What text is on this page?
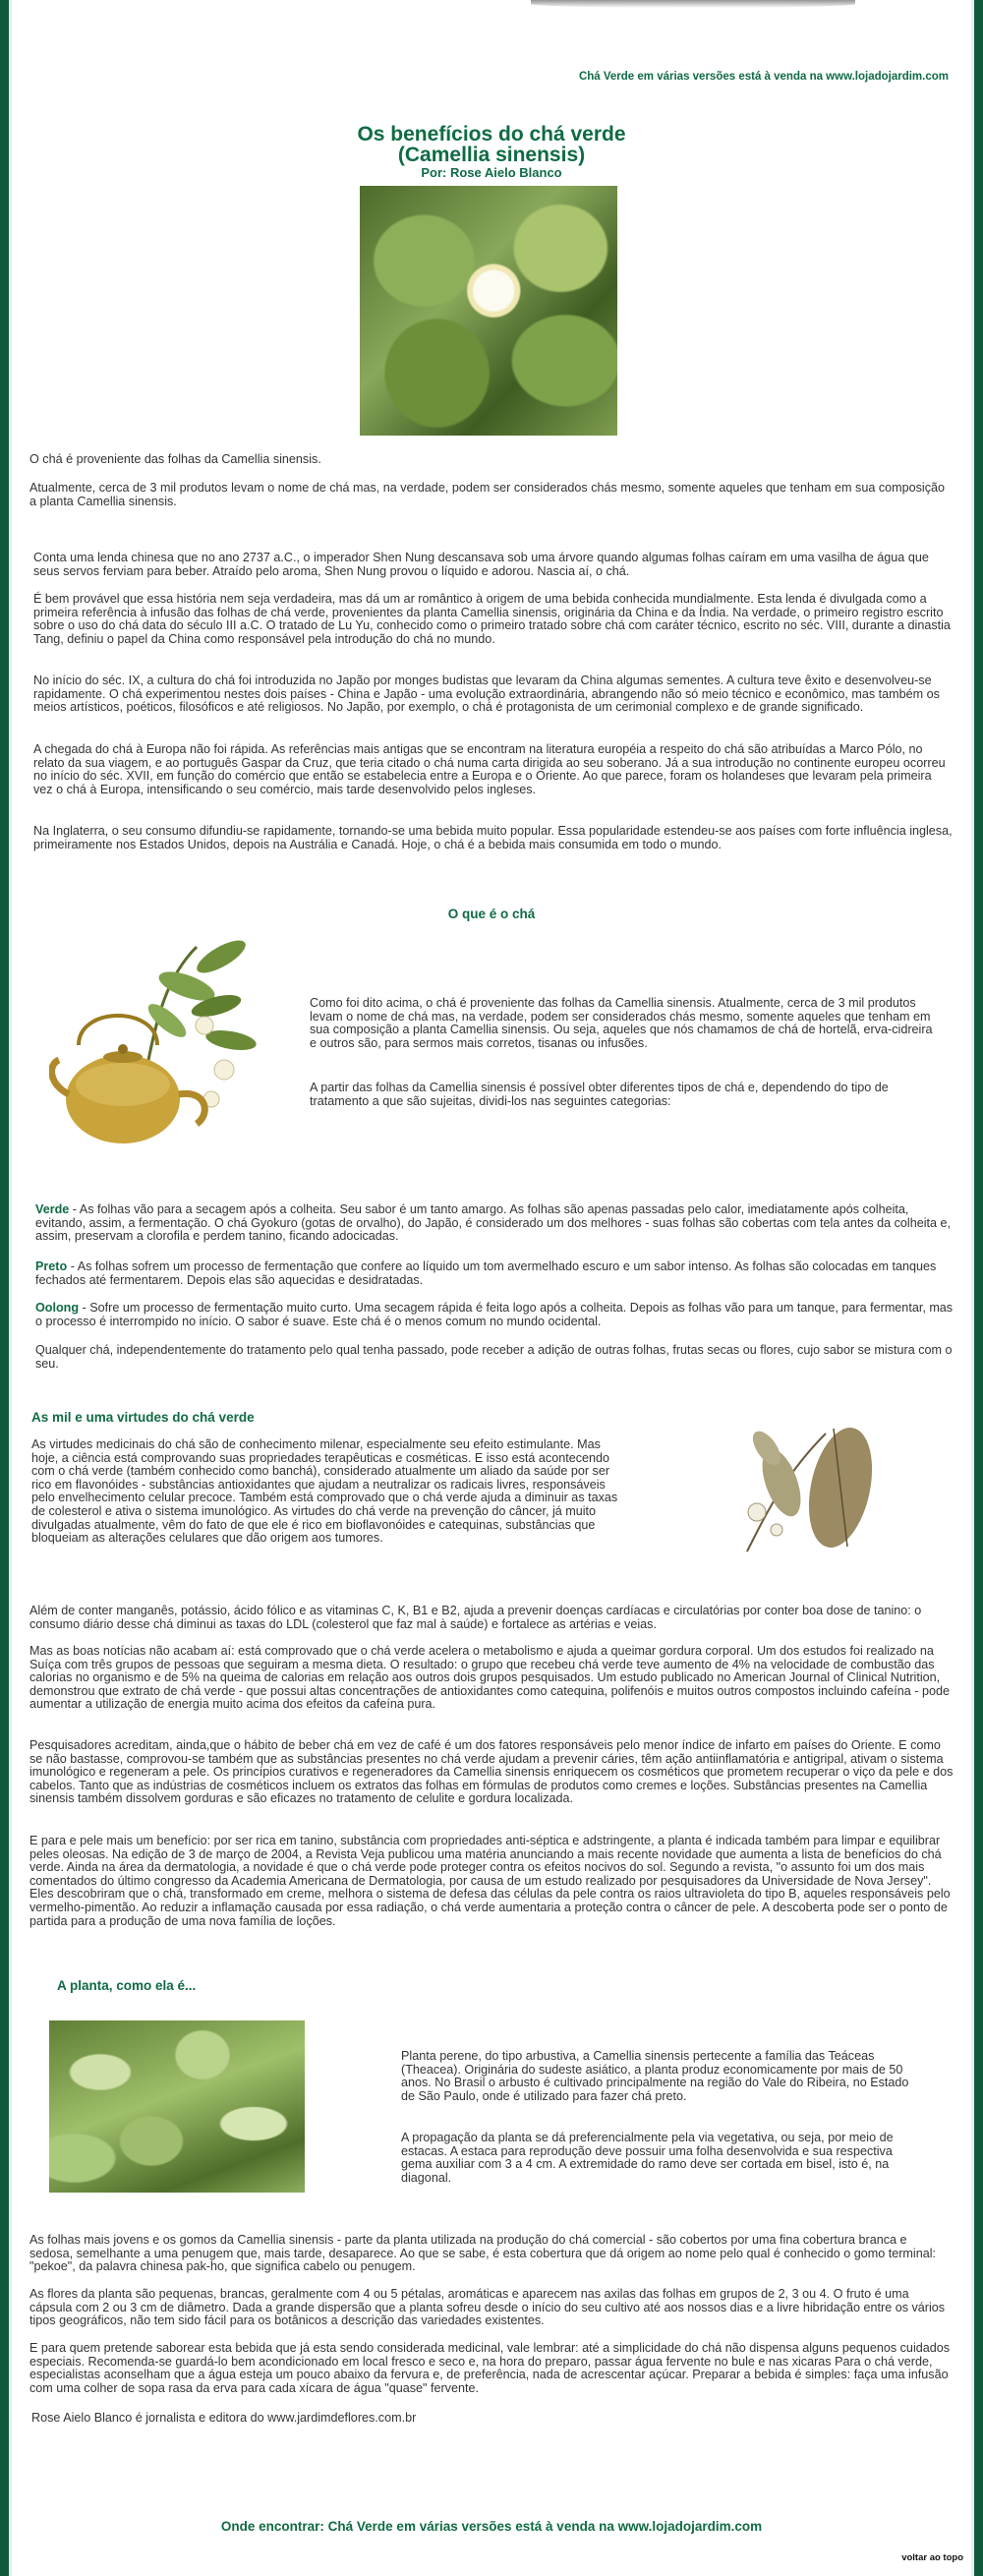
Chá Verde em várias versões está à venda na www.lojadojardim.com
Os benefícios do chá verde
(Camellia sinensis)
Por: Rose Aielo Blanco

O chá é proveniente das folhas da Camellia sinensis.

Atualmente, cerca de 3 mil produtos levam o nome de chá mas, na verdade, podem ser considerados chás mesmo, somente aqueles que tenham em sua composição a planta Camellia sinensis.

Conta uma lenda chinesa que no ano 2737 a.C., o imperador Shen Nung descansava sob uma árvore quando algumas folhas caíram em uma vasilha de água que seus servos ferviam para beber. Atraído pelo aroma, Shen Nung provou o líquido e adorou. Nascia aí, o chá.

É bem provável que essa história nem seja verdadeira, mas dá um ar romântico à origem de uma bebida conhecida mundialmente. Esta lenda é divulgada como a primeira referência à infusão das folhas de chá verde, provenientes da planta Camellia sinensis, originária da China e da Índia. Na verdade, o primeiro registro escrito sobre o uso do chá data do século III a.C. O tratado de Lu Yu, conhecido como o primeiro tratado sobre chá com caráter técnico, escrito no séc. VIII, durante a dinastia Tang, definiu o papel da China como responsável pela introdução do chá no mundo.

No início do séc. IX, a cultura do chá foi introduzida no Japão por monges budistas que levaram da China algumas sementes. A cultura teve êxito e desenvolveu-se rapidamente. O chá experimentou nestes dois países - China e Japão - uma evolução extraordinária, abrangendo não só meio técnico e econômico, mas também os meios artísticos, poéticos, filosóficos e até religiosos. No Japão, por exemplo, o chá é protagonista de um cerimonial complexo e de grande significado.

A chegada do chá à Europa não foi rápida. As referências mais antigas que se encontram na literatura européia a respeito do chá são atribuídas a Marco Pólo, no relato da sua viagem, e ao português Gaspar da Cruz, que teria citado o chá numa carta dirigida ao seu soberano. Já a sua introdução no continente europeu ocorreu no início do séc. XVII, em função do comércio que então se estabelecia entre a Europa e o Oriente. Ao que parece, foram os holandeses que levaram pela primeira vez o chá à Europa, intensificando o seu comércio, mais tarde desenvolvido pelos ingleses.

Na Inglaterra, o seu consumo difundiu-se rapidamente, tornando-se uma bebida muito popular. Essa popularidade estendeu-se aos países com forte influência inglesa, primeiramente nos Estados Unidos, depois na Austrália e Canadá. Hoje, o chá é a bebida mais consumida em todo o mundo.

O que é o chá

Como foi dito acima, o chá é proveniente das folhas da Camellia sinensis. Atualmente, cerca de 3 mil produtos levam o nome de chá mas, na verdade, podem ser considerados chás mesmo, somente aqueles que tenham em sua composição a planta Camellia sinensis. Ou seja, aqueles que nós chamamos de chá de hortelã, erva-cidreira e outros são, para sermos mais corretos, tisanas ou infusões.

A partir das folhas da Camellia sinensis é possível obter diferentes tipos de chá e, dependendo do tipo de tratamento a que são sujeitas, dividi-los nas seguintes categorias:

Verde - As folhas vão para a secagem após a colheita. Seu sabor é um tanto amargo. As folhas são apenas passadas pelo calor, imediatamente após colheita, evitando, assim, a fermentação. O chá Gyokuro (gotas de orvalho), do Japão, é considerado um dos melhores - suas folhas são cobertas com tela antes da colheita e, assim, preservam a clorofila e perdem tanino, ficando adocicadas.

Preto - As folhas sofrem um processo de fermentação que confere ao líquido um tom avermelhado escuro e um sabor intenso. As folhas são colocadas em tanques fechados até fermentarem. Depois elas são aquecidas e desidratadas.

Oolong - Sofre um processo de fermentação muito curto. Uma secagem rápida é feita logo após a colheita. Depois as folhas vão para um tanque, para fermentar, mas o processo é interrompido no início. O sabor é suave. Este chá é o menos comum no mundo ocidental.

Qualquer chá, independentemente do tratamento pelo qual tenha passado, pode receber a adição de outras folhas, frutas secas ou flores, cujo sabor se mistura com o seu.

As mil e uma virtudes do chá verde

As virtudes medicinais do chá são de conhecimento milenar, especialmente seu efeito estimulante. Mas hoje, a ciência está comprovando suas propriedades terapêuticas e cosméticas. E isso está acontecendo com o chá verde (também conhecido como banchá), considerado atualmente um aliado da saúde por ser rico em flavonóides - substâncias antioxidantes que ajudam a neutralizar os radicais livres, responsáveis pelo envelhecimento celular precoce. Também está comprovado que o chá verde ajuda a diminuir as taxas de colesterol e ativa o sistema imunológico. As virtudes do chá verde na prevenção do câncer, já muito divulgadas atualmente, vêm do fato de que ele é rico em bioflavonóides e catequinas, substâncias que bloqueiam as alterações celulares que dão origem aos tumores.

Além de conter manganês, potássio, ácido fólico e as vitaminas C, K, B1 e B2, ajuda a prevenir doenças cardíacas e circulatórias por conter boa dose de tanino: o consumo diário desse chá diminui as taxas do LDL (colesterol que faz mal à saúde) e fortalece as artérias e veias.

Mas as boas notícias não acabam aí: está comprovado que o chá verde acelera o metabolismo e ajuda a queimar gordura corporal. Um dos estudos foi realizado na Suíça com três grupos de pessoas que seguiram a mesma dieta. O resultado: o grupo que recebeu chá verde teve aumento de 4% na velocidade de combustão das calorias no organismo e de 5% na queima de calorias em relação aos outros dois grupos pesquisados. Um estudo publicado no American Journal of Clinical Nutrition, demonstrou que extrato de chá verde - que possui altas concentrações de antioxidantes como catequina, polifenóis e muitos outros compostos incluindo cafeína - pode aumentar a utilização de energia muito acima dos efeitos da cafeína pura.

Pesquisadores acreditam, ainda,que o hábito de beber chá em vez de café é um dos fatores responsáveis pelo menor índice de infarto em países do Oriente. E como se não bastasse, comprovou-se também que as substâncias presentes no chá verde ajudam a prevenir cáries, têm ação antiinflamatória e antigripal, ativam o sistema imunológico e regeneram a pele. Os princípios curativos e regeneradores da Camellia sinensis enriquecem os cosméticos que prometem recuperar o viço da pele e dos cabelos. Tanto que as indústrias de cosméticos incluem os extratos das folhas em fórmulas de produtos como cremes e loções. Substâncias presentes na Camellia sinensis também dissolvem gorduras e são eficazes no tratamento de celulite e gordura localizada.

E para e pele mais um benefício: por ser rica em tanino, substância com propriedades anti-séptica e adstringente, a planta é indicada também para limpar e equilibrar peles oleosas. Na edição de 3 de março de 2004, a Revista Veja publicou uma matéria anunciando a mais recente novidade que aumenta a lista de benefícios do chá verde. Ainda na área da dermatologia, a novidade é que o chá verde pode proteger contra os efeitos nocivos do sol. Segundo a revista, "o assunto foi um dos mais comentados do último congresso da Academia Americana de Dermatologia, por causa de um estudo realizado por pesquisadores da Universidade de Nova Jersey". Eles descobriram que o chá, transformado em creme, melhora o sistema de defesa das células da pele contra os raios ultravioleta do tipo B, aqueles responsáveis pelo vermelho-pimentão. Ao reduzir a inflamação causada por essa radiação, o chá verde aumentaria a proteção contra o câncer de pele. A descoberta pode ser o ponto de partida para a produção de uma nova família de loções.

A planta, como ela é...

Planta perene, do tipo arbustiva, a Camellia sinensis pertecente a família das Teáceas (Theacea). Originária do sudeste asiático, a planta produz economicamente por mais de 50 anos. No Brasil o arbusto é cultivado principalmente na região do Vale do Ribeira, no Estado de São Paulo, onde é utilizado para fazer chá preto.

A propagação da planta se dá preferencialmente pela via vegetativa, ou seja, por meio de estacas. A estaca para reprodução deve possuir uma folha desenvolvida e sua respectiva gema auxiliar com 3 a 4 cm. A extremidade do ramo deve ser cortada em bisel, isto é, na diagonal.

As folhas mais jovens e os gomos da Camellia sinensis - parte da planta utilizada na produção do chá comercial - são cobertos por uma fina cobertura branca e sedosa, semelhante a uma penugem que, mais tarde, desaparece. Ao que se sabe, é esta cobertura que dá origem ao nome pelo qual é conhecido o gomo terminal: "pekoe", da palavra chinesa pak-ho, que significa cabelo ou penugem.

As flores da planta são pequenas, brancas, geralmente com 4 ou 5 pétalas, aromáticas e aparecem nas axilas das folhas em grupos de 2, 3 ou 4. O fruto é uma cápsula com 2 ou 3 cm de diâmetro. Dada a grande dispersão que a planta sofreu desde o início do seu cultivo até aos nossos dias e a livre hibridação entre os vários tipos geográficos, não tem sido fácil para os botânicos a descrição das variedades existentes.

E para quem pretende saborear esta bebida que já esta sendo considerada medicinal, vale lembrar: até a simplicidade do chá não dispensa alguns pequenos cuidados especiais. Recomenda-se guardá-lo bem acondicionado em local fresco e seco e, na hora do preparo, passar água fervente no bule e nas xicaras Para o chá verde, especialistas aconselham que a água esteja um pouco abaixo da fervura e, de preferência, nada de acrescentar açúcar. Preparar a bebida é simples: faça uma infusão com uma colher de sopa rasa da erva para cada xícara de água "quase" fervente.

Rose Aielo Blanco é jornalista e editora do www.jardimdeflores.com.br

Onde encontrar: Chá Verde em várias versões está à venda na www.lojadojardim.com
voltar ao topo
